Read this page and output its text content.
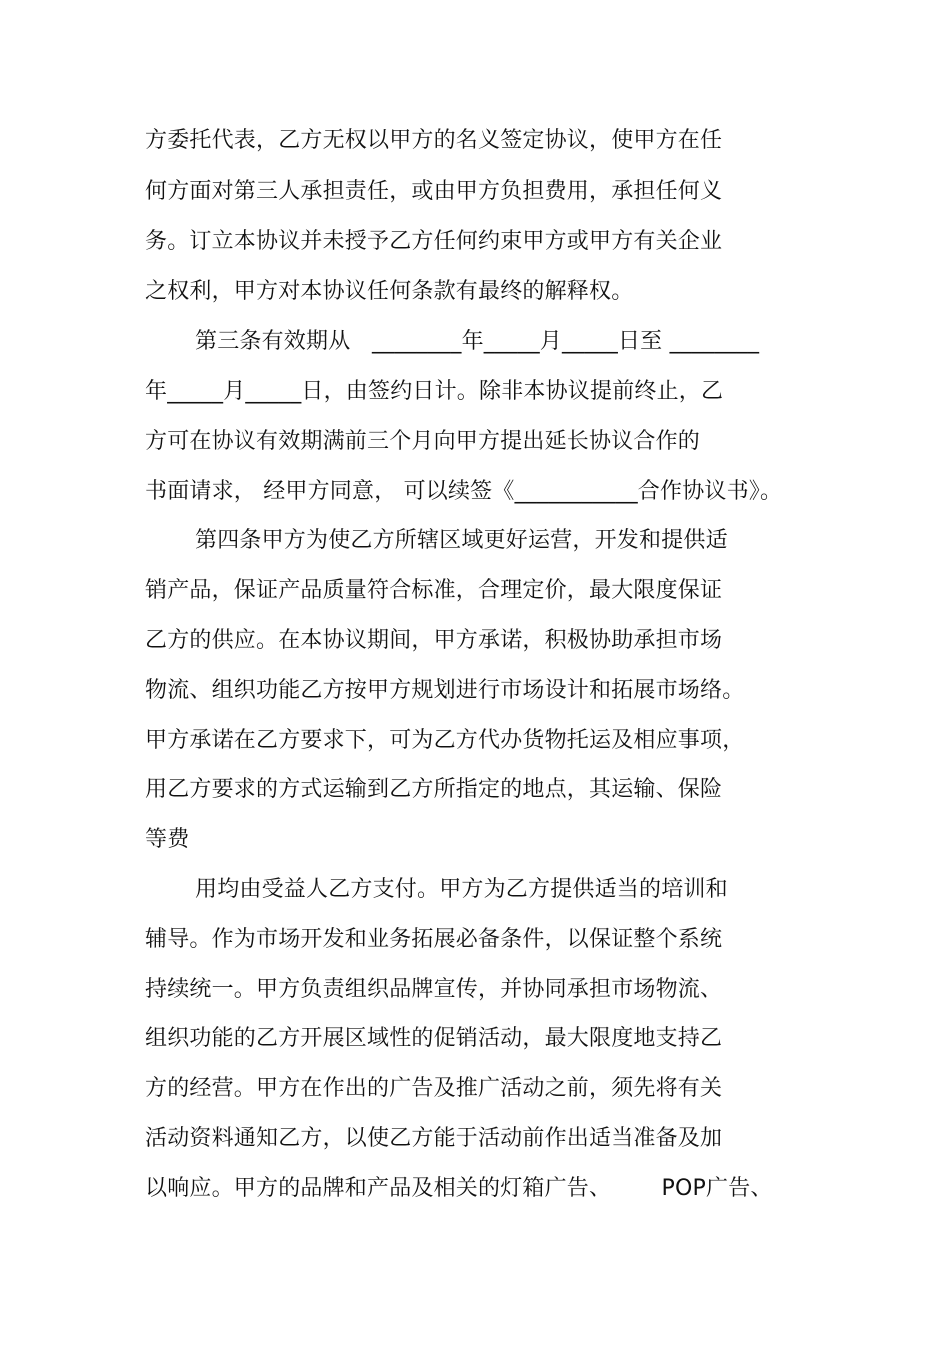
方委托代表，乙方无权以甲方的名义签定协议，使甲方在任
何方面对第三人承担责任，或由甲方负担费用，承担任何义
务。订立本协议并未授予乙方任何约束甲方或甲方有关企业
之权利，甲方对本协议任何条款有最终的解释权。
第三条有效期从   ________年_____月_____日至 ________
年_____月_____日，由签约日计。除非本协议提前终止，乙
方可在协议有效期满前三个月向甲方提出延长协议合作的
书面请求， 经甲方同意， 可以续签《___________合作协议书》。
第四条甲方为使乙方所辖区域更好运营，开发和提供适
销产品，保证产品质量符合标准，合理定价，最大限度保证
乙方的供应。在本协议期间，甲方承诺，积极协助承担市场
物流、组织功能乙方按甲方规划进行市场设计和拓展市场络。
甲方承诺在乙方要求下，可为乙方代办货物托运及相应事项，
用乙方要求的方式运输到乙方所指定的地点，其运输、保险
等费
用均由受益人乙方支付。甲方为乙方提供适当的培训和
辅导。作为市场开发和业务拓展必备条件，以保证整个系统
持续统一。甲方负责组织品牌宣传，并协同承担市场物流、
组织功能的乙方开展区域性的促销活动，最大限度地支持乙
方的经营。甲方在作出的广告及推广活动之前，须先将有关
活动资料通知乙方，以使乙方能于活动前作出适当准备及加
以响应。甲方的品牌和产品及相关的灯箱广告、       POP广告、
